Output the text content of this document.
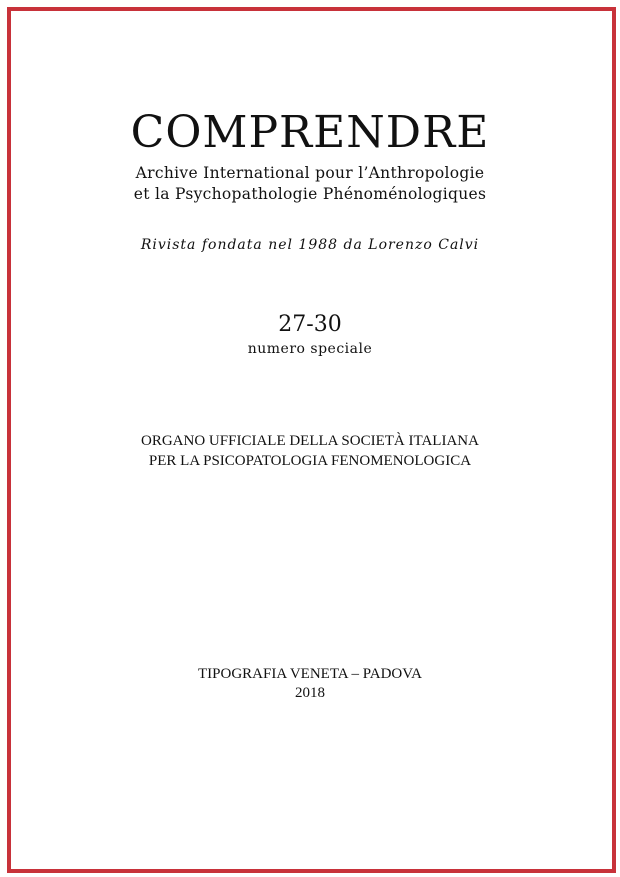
COMPRENDRE
Archive International pour l’Anthropologie
et la Psychopathologie Phénoménologiques
Rivista fondata nel 1988 da Lorenzo Calvi
27-30
numero speciale
ORGANO UFFICIALE DELLA SOCIETÀ ITALIANA
PER LA PSICOPATOLOGIA FENOMENOLOGICA
TIPOGRAFIA VENETA – PADOVA
2018
